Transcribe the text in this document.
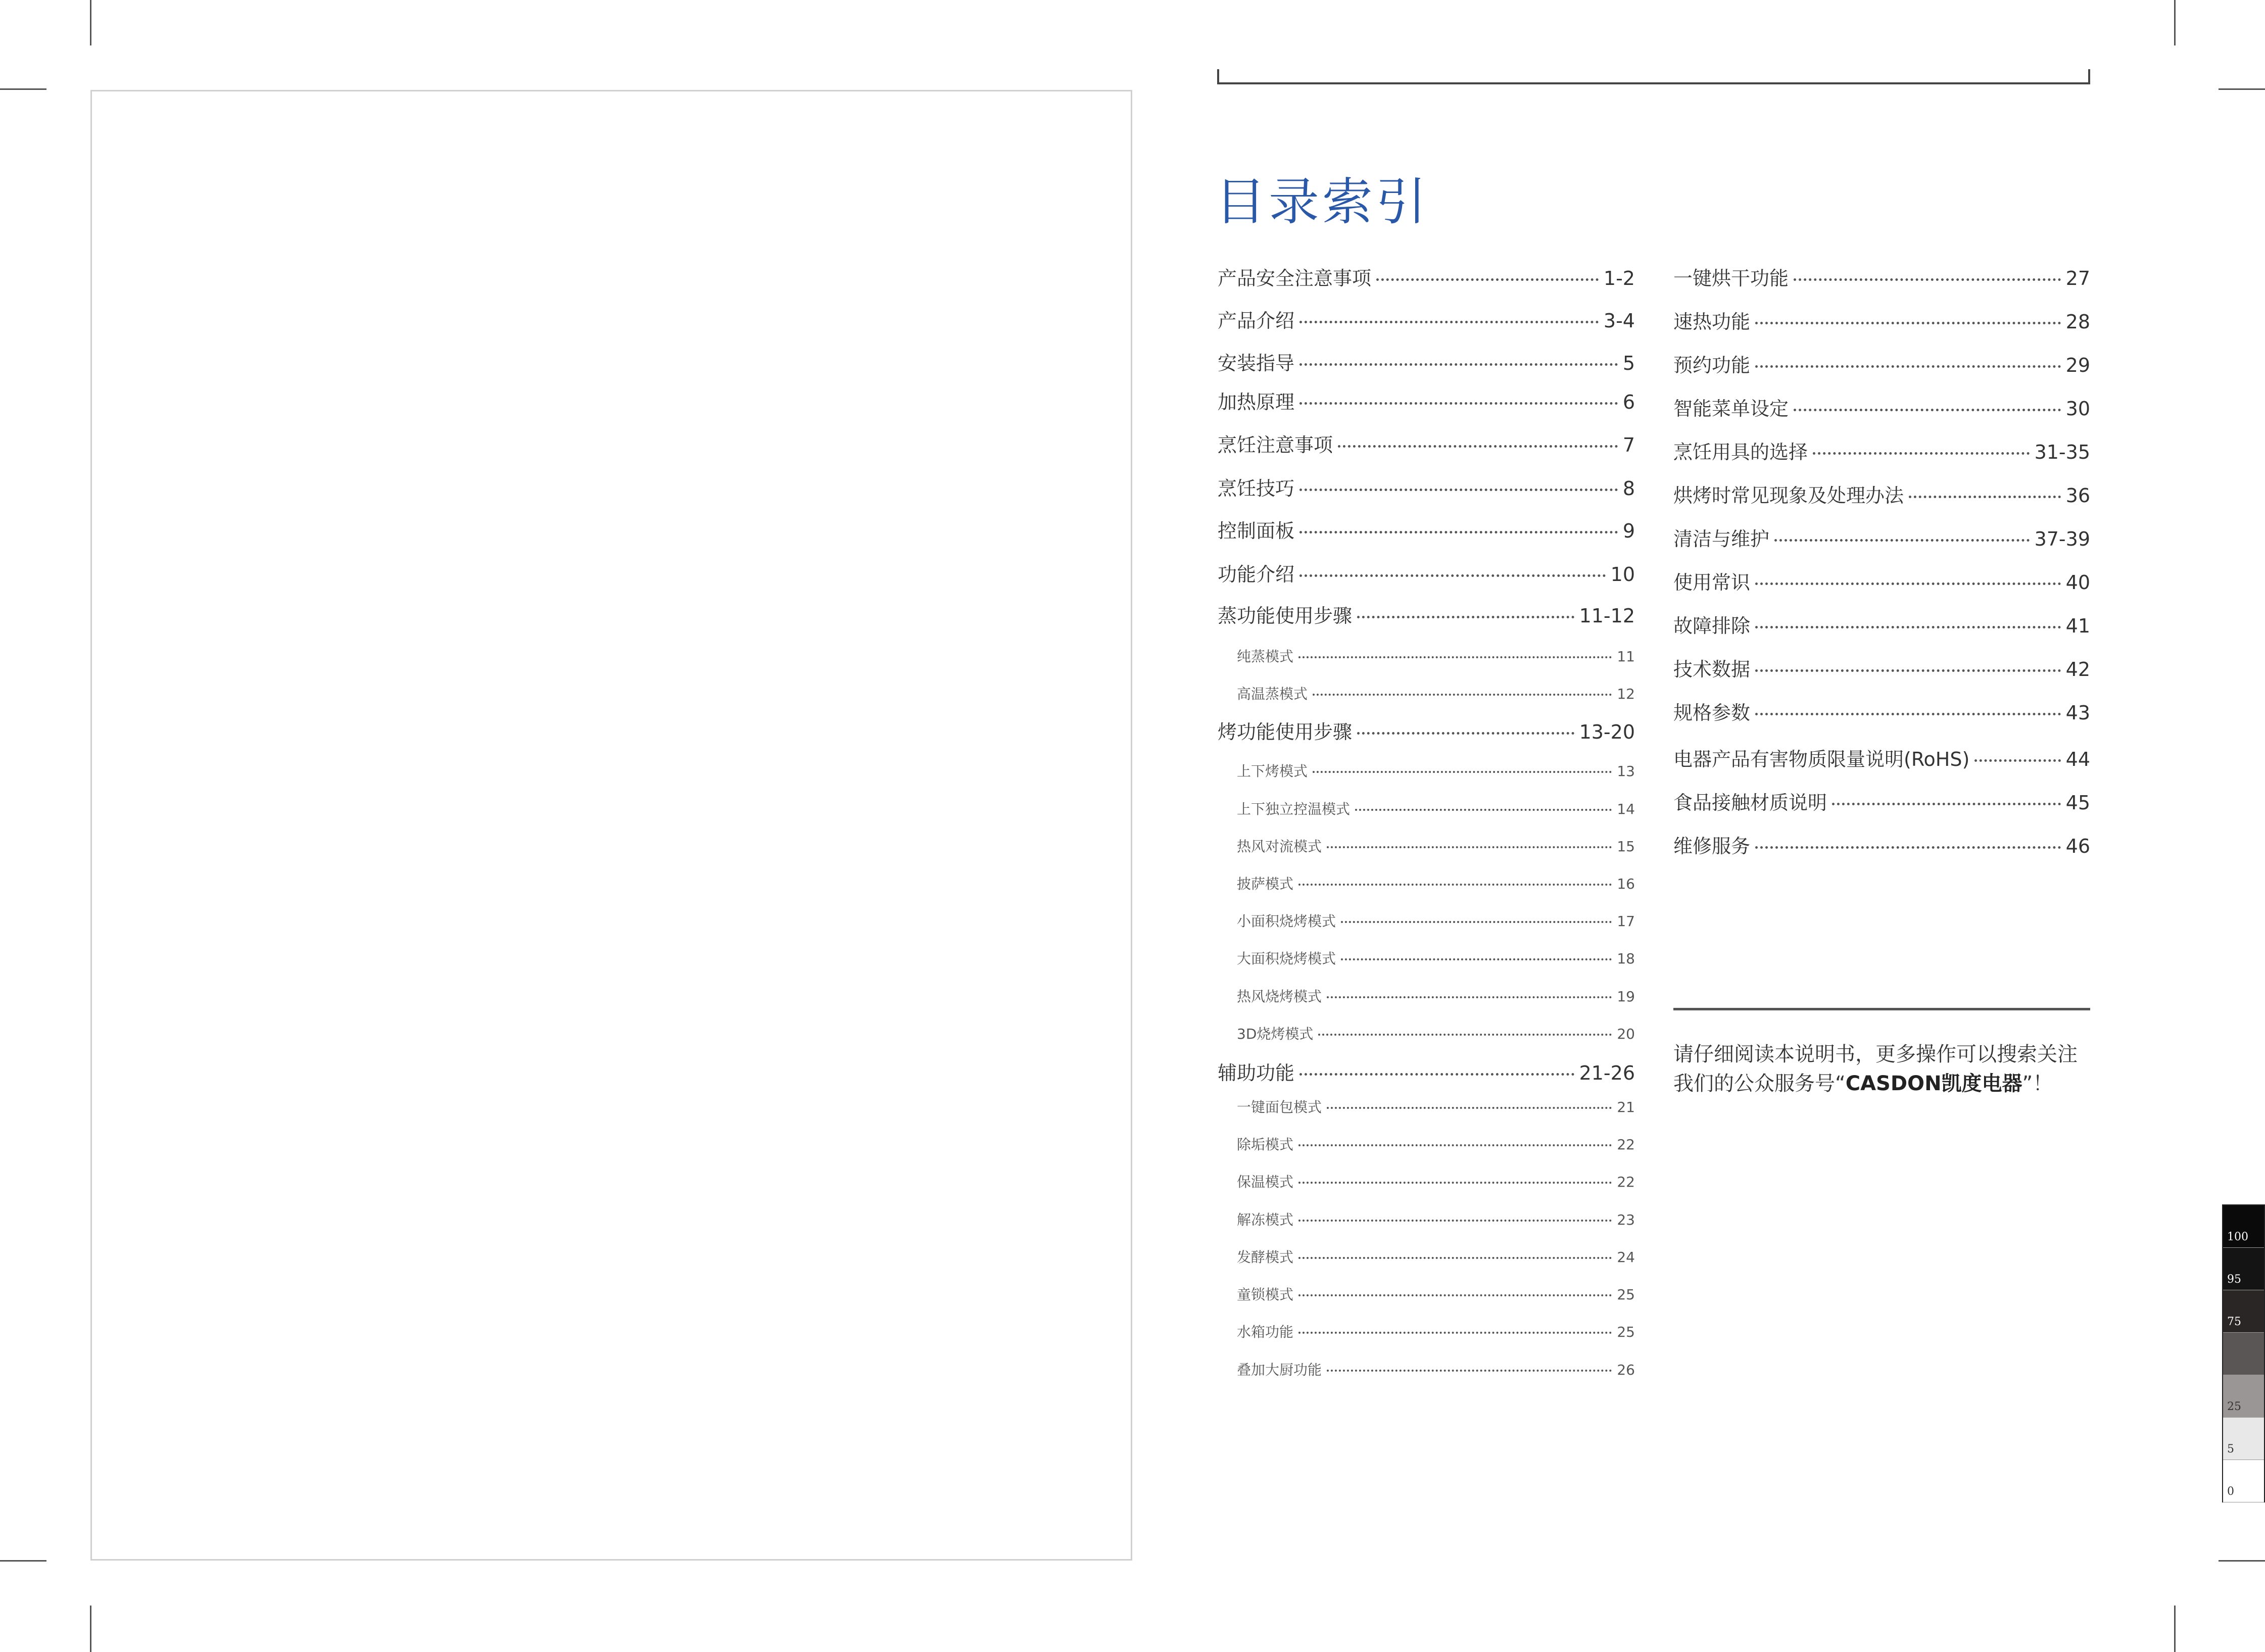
目录索引
产品安全注意事项	1-2
产品介绍	3-4
安装指导	5
加热原理	6
烹饪注意事项	7
烹饪技巧	8
控制面板	9
功能介绍	10
蒸功能使用步骤	11-12
纯蒸模式	11
高温蒸模式	12
烤功能使用步骤	13-20
上下烤模式	13
上下独立控温模式	14
热风对流模式	15
披萨模式	16
小面积烧烤模式	17
大面积烧烤模式	18
热风烧烤模式	19
3D烧烤模式	20
辅助功能	21-26
一键面包模式	21
除垢模式	22
保温模式	22
解冻模式	23
发酵模式	24
童锁模式	25
水箱功能	25
叠加大厨功能	26
一键烘干功能	27
速热功能	28
预约功能	29
智能菜单设定	30
烹饪用具的选择	31-35
烘烤时常见现象及处理办法	36
清洁与维护	37-39
使用常识	40
故障排除	41
技术数据	42
规格参数	43
电器产品有害物质限量说明(RoHS)	44
食品接触材质说明	45
维修服务	46

请仔细阅读本说明书，更多操作可以搜索关注
我们的公众服务号“CASDON凯度电器”！

100
95
75
25
5
0
